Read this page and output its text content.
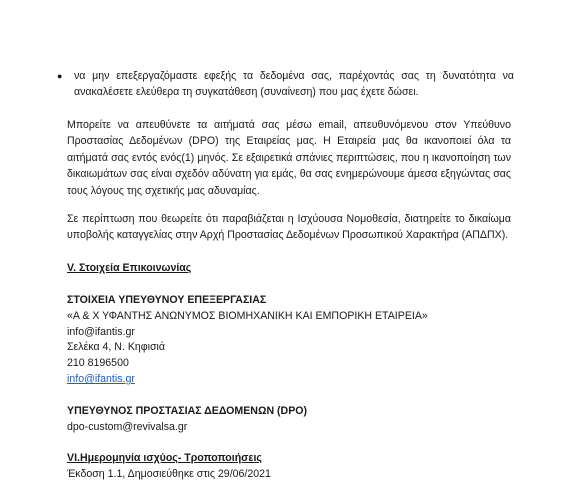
●	να μην επεξεργαζόμαστε εφεξής τα δεδομένα σας, παρέχοντάς σας τη δυνατότητα να ανακαλέσετε ελεύθερα τη συγκατάθεση (συναίνεση) που μας έχετε δώσει.

Μπορείτε να απευθύνετε τα αιτήματά σας μέσω email, απευθυνόμενου στον Υπεύθυνο Προστασίας Δεδομένων (DPO) της Εταιρείας μας. Η Εταιρεία μας θα ικανοποιεί όλα τα αιτήματά σας εντός ενός(1) μηνός. Σε εξαιρετικά σπάνιες περιπτώσεις, που η ικανοποίηση των δικαιωμάτων σας είναι σχεδόν αδύνατη για εμάς, θα σας ενημερώνουμε άμεσα εξηγώντας σας τους λόγους της σχετικής μας αδυναμίας.

Σε περίπτωση που θεωρείτε ότι παραβιάζεται η Ισχύουσα Νομοθεσία, διατηρείτε το δικαίωμα υποβολής καταγγελίας στην Αρχή Προστασίας Δεδομένων Προσωπικού Χαρακτήρα (ΑΠΔΠΧ).

V. Στοιχεία Επικοινωνίας
ΣΤΟΙΧΕΙΑ ΥΠΕΥΘΥΝΟΥ ΕΠΕΞΕΡΓΑΣΙΑΣ
«Α & Χ ΥΦΑΝΤΗΣ ΑΝΩΝΥΜΟΣ ΒΙΟΜΗΧΑΝΙΚΗ ΚΑΙ ΕΜΠΟΡΙΚΗ ΕΤΑΙΡΕΙΑ»
info@ifantis.gr
Σελέκα 4, Ν. Κηφισιά
210 8196500
info@ifantis.gr
ΥΠΕΥΘΥΝΟΣ ΠΡΟΣΤΑΣΙΑΣ ΔΕΔΟΜΕΝΩΝ (DPO)
dpo-custom@revivalsa.gr
VI.Ημερομηνία ισχύος- Τροποποιήσεις
Έκδοση 1.1, Δημοσιεύθηκε στις 29/06/2021
